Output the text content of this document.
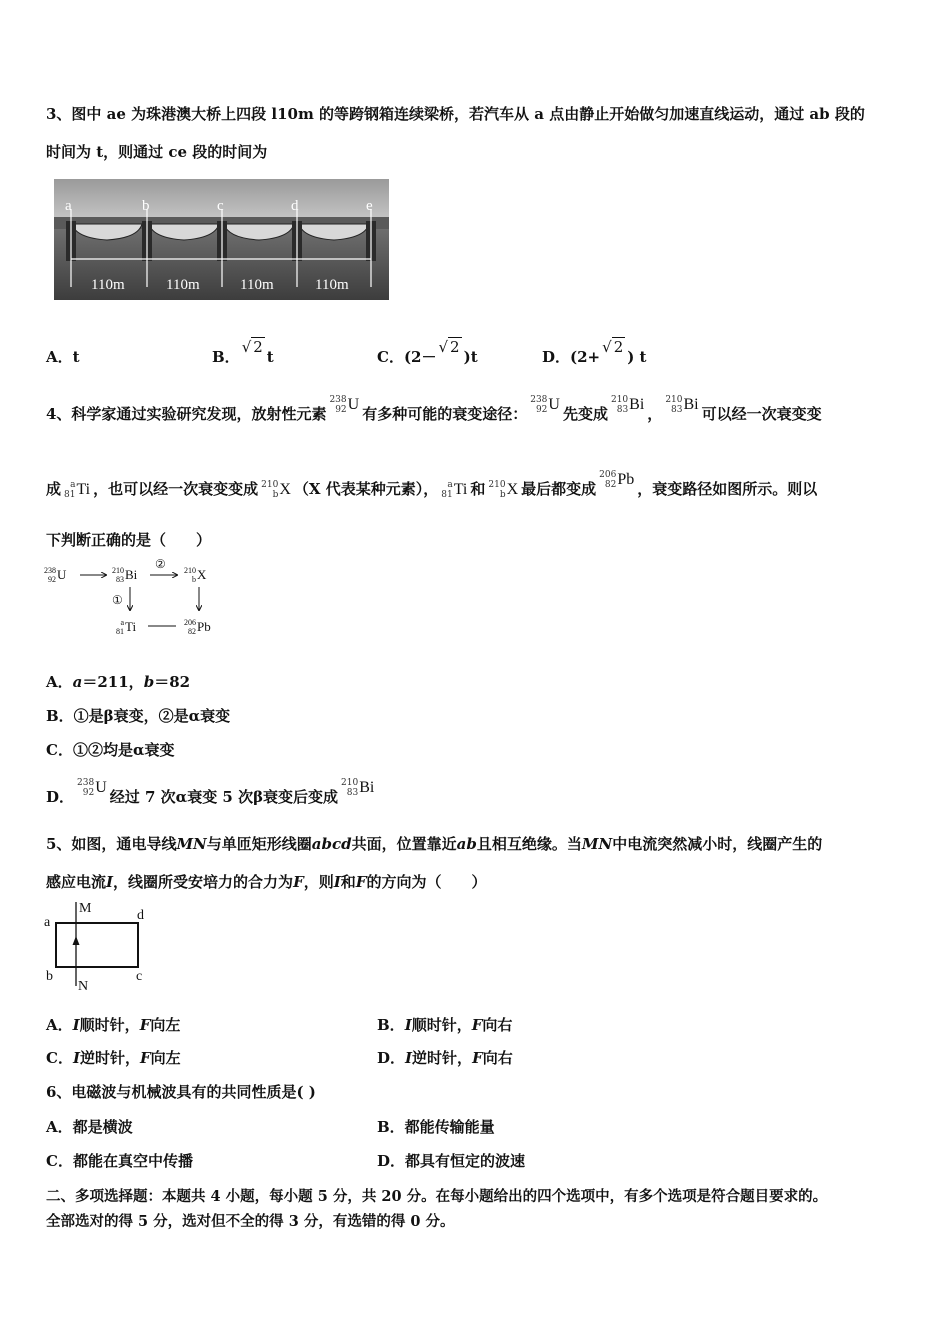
3、图中 ae 为珠港澳大桥上四段 l10m 的等跨钢箱连续梁桥，若汽车从 a 点由静止开始做匀加速直线运动，通过 ab 段的
时间为 t，则通过 ce 段的时间为
a	b	c	d	e
110m	110m	110m	110m
A．t	B．√ 2t	C．(2－√ 2)t	D．(2+√ 2) t
4、科学家通过实验研究发现，放射性元素
238
92 U
有多种可能的衰变途径：
238
92 U
先变成
210
83 Bi
，
210
83 Bi
可以经一次衰变变
成 a
81 Ti ，也可以经一次衰变变成 210
b X （X 代表某种元素）， a
81 Ti 和 210
b X 最后都变成
206
82 Pb
，衰变路径如图所示。则以
下判断正确的是（　　）
238
92 U	210
83 Bi	210
b X
a
81 Ti	206
82 Pb
②
①
A．a＝211，b＝82
B．①是β衰变，②是α衰变
C．①②均是α衰变
D．
238
92 U
经过 7 次α衰变 5 次β衰变后变成
210
83 Bi
5、如图，通电导线MN与单匝矩形线圈abcd共面，位置靠近ab且相互绝缘。当MN中电流突然减小时，线圈产生的
感应电流I，线圈所受安培力的合力为F，则I和F的方向为（　　）
a
b	c
d
M
N
A．I顺时针，F向左	B．I顺时针，F向右
C．I逆时针，F向左	D．I逆时针，F向右
6、电磁波与机械波具有的共同性质是( )
A．都是横波	B．都能传输能量
C．都能在真空中传播	D．都具有恒定的波速
二、多项选择题：本题共 4 小题，每小题 5 分，共 20 分。在每小题给出的四个选项中，有多个选项是符合题目要求的。
全部选对的得 5 分，选对但不全的得 3 分，有选错的得 0 分。
